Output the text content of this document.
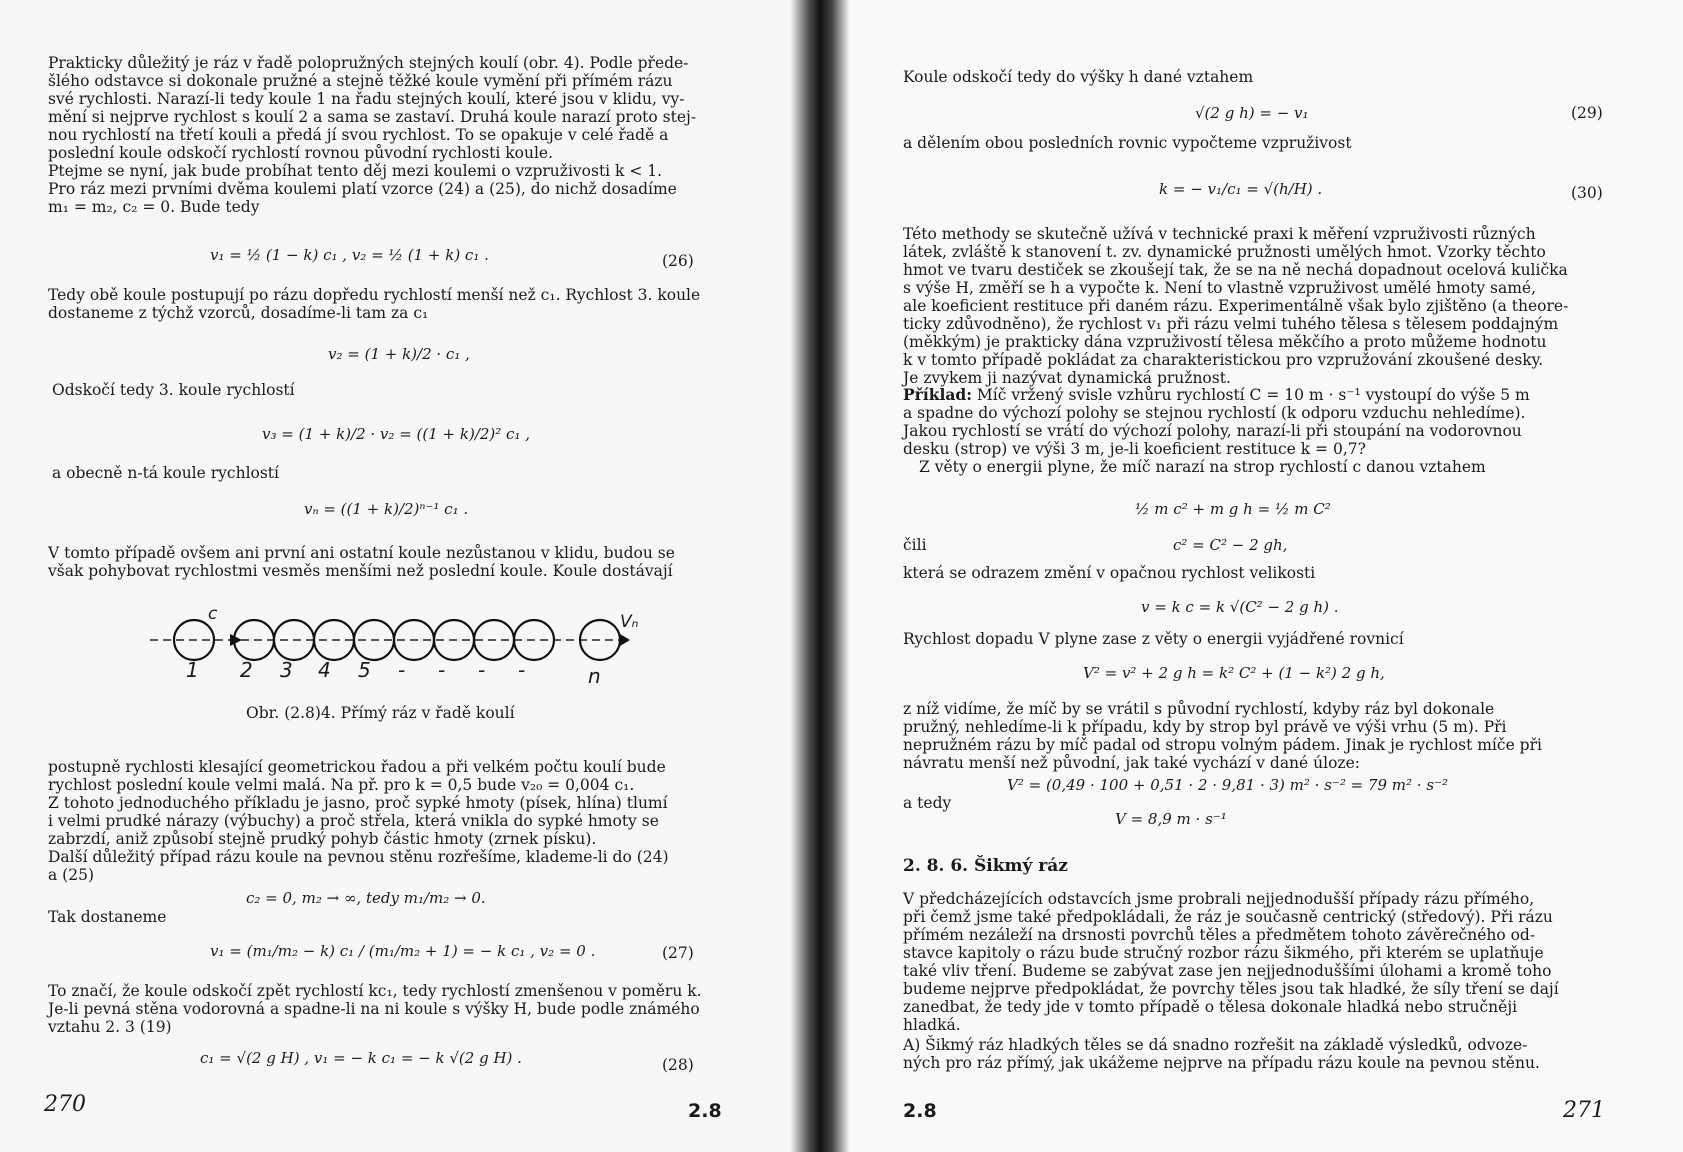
Prakticky důležitý je ráz v řadě polopružných stejných koulí (obr. 4). Podle přede-
šlého odstavce si dokonale pružné a stejně těžké koule vymění při přímém rázu
své rychlosti. Narazí-li tedy koule 1 na řadu stejných koulí, které jsou v klidu, vy-
mění si nejprve rychlost s koulí 2 a sama se zastaví. Druhá koule narazí proto stej-
nou rychlostí na třetí kouli a předá jí svou rychlost. To se opakuje v celé řadě a
poslední koule odskočí rychlostí rovnou původní rychlosti koule.
Ptejme se nyní, jak bude probíhat tento děj mezi koulemi o vzpruživosti k < 1.
Pro ráz mezi prvními dvěma koulemi platí vzorce (24) a (25), do nichž dosadíme
m₁ = m₂, c₂ = 0. Bude tedy
v₁ = ½ (1 − k) c₁ , v₂ = ½ (1 + k) c₁ .	(26)
Tedy obě koule postupují po rázu dopředu rychlostí menší než c₁. Rychlost 3. koule
dostaneme z týchž vzorců, dosadíme-li tam za c₁
v₂ = (1 + k)/2 · c₁ ,
Odskočí tedy 3. koule rychlostí
v₃ = (1 + k)/2 · v₂ = ((1 + k)/2)² c₁ ,
a obecně n-tá koule rychlostí
vₙ = ((1 + k)/2)ⁿ⁻¹ c₁ .
V tomto případě ovšem ani první ani ostatní koule nezůstanou v klidu, budou se
však pohybovat rychlostmi vesměs menšími než poslední koule. Koule dostávají
c	Vₙ
1 2 3 4 5 - - - -	n
Obr. (2.8)4. Přímý ráz v řadě koulí
postupně rychlosti klesající geometrickou řadou a při velkém počtu koulí bude
rychlost poslední koule velmi malá. Na př. pro k = 0,5 bude v₂₀ = 0,004 c₁.
Z tohoto jednoduchého příkladu je jasno, proč sypké hmoty (písek, hlína) tlumí
i velmi prudké nárazy (výbuchy) a proč střela, která vnikla do sypké hmoty se
zabrzdí, aniž způsobí stejně prudký pohyb částic hmoty (zrnek písku).
Další důležitý případ rázu koule na pevnou stěnu rozřešíme, klademe-li do (24)
a (25)
c₂ = 0, m₂ → ∞, tedy m₁/m₂ → 0.
Tak dostaneme
v₁ = (m₁/m₂ − k) c₁ / (m₁/m₂ + 1) = − k c₁ , v₂ = 0 .	(27)
To značí, že koule odskočí zpět rychlostí kc₁, tedy rychlostí zmenšenou v poměru k.
Je-li pevná stěna vodorovná a spadne-li na ni koule s výšky H, bude podle známého
vztahu 2. 3 (19)
c₁ = √(2 g H) , v₁ = − k c₁ = − k √(2 g H) .	(28)
270	2.8
Koule odskočí tedy do výšky h dané vztahem
√(2 g h) = − v₁	(29)
a dělením obou posledních rovnic vypočteme vzpruživost
k = − v₁/c₁ = √(h/H) .	(30)
Této methody se skutečně užívá v technické praxi k měření vzpruživosti různých
látek, zvláště k stanovení t. zv. dynamické pružnosti umělých hmot. Vzorky těchto
hmot ve tvaru destiček se zkoušejí tak, že se na ně nechá dopadnout ocelová kulička
s výše H, změří se h a vypočte k. Není to vlastně vzpruživost umělé hmoty samé,
ale koeficient restituce při daném rázu. Experimentálně však bylo zjištěno (a theore-
ticky zdůvodněno), že rychlost v₁ při rázu velmi tuhého tělesa s tělesem poddajným
(měkkým) je prakticky dána vzpruživostí tělesa měkčího a proto můžeme hodnotu
k v tomto případě pokládat za charakteristickou pro vzpružování zkoušené desky.
Je zvykem ji nazývat dynamická pružnost.
Příklad: Míč vržený svisle vzhůru rychlostí C = 10 m · s⁻¹ vystoupí do výše 5 m
a spadne do výchozí polohy se stejnou rychlostí (k odporu vzduchu nehledíme).
Jakou rychlostí se vrátí do výchozí polohy, narazí-li při stoupání na vodorovnou
desku (strop) ve výši 3 m, je-li koeficient restituce k = 0,7?
Z věty o energii plyne, že míč narazí na strop rychlostí c danou vztahem
½ m c² + m g h = ½ m C²
čili	c² = C² − 2 gh,
která se odrazem změní v opačnou rychlost velikosti
v = k c = k √(C² − 2 g h) .
Rychlost dopadu V plyne zase z věty o energii vyjádřené rovnicí
V² = v² + 2 g h = k² C² + (1 − k²) 2 g h,
z níž vidíme, že míč by se vrátil s původní rychlostí, kdyby ráz byl dokonale
pružný, nehledíme-li k případu, kdy by strop byl právě ve výši vrhu (5 m). Při
nepružném rázu by míč padal od stropu volným pádem. Jinak je rychlost míče při
návratu menší než původní, jak také vychází v dané úloze:
V² = (0,49 · 100 + 0,51 · 2 · 9,81 · 3) m² · s⁻² = 79 m² · s⁻²
a tedy
V = 8,9 m · s⁻¹
2. 8. 6. Šikmý ráz
V předcházejících odstavcích jsme probrali nejjednodušší případy rázu přímého,
při čemž jsme také předpokládali, že ráz je současně centrický (středový). Při rázu
přímém nezáleží na drsnosti povrchů těles a předmětem tohoto závěrečného od-
stavce kapitoly o rázu bude stručný rozbor rázu šikmého, při kterém se uplatňuje
také vliv tření. Budeme se zabývat zase jen nejjednoduššími úlohami a kromě toho
budeme nejprve předpokládat, že povrchy těles jsou tak hladké, že síly tření se dají
zanedbat, že tedy jde v tomto případě o tělesa dokonale hladká nebo stručněji
hladká.
A) Šikmý ráz hladkých těles se dá snadno rozřešit na základě výsledků, odvoze-
ných pro ráz přímý, jak ukážeme nejprve na případu rázu koule na pevnou stěnu.
2.8	271
